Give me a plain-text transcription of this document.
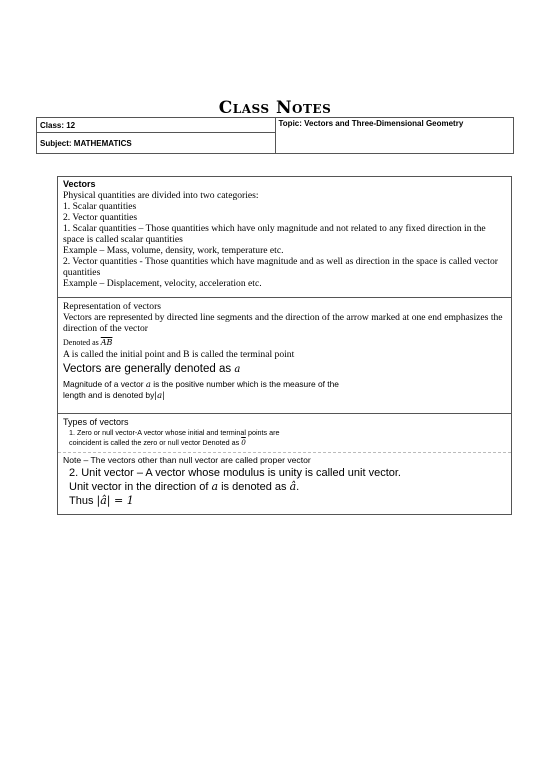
Class Notes
Class: 12	Topic: Vectors and Three-Dimensional Geometry
Subject: MATHEMATICS
Vectors
Physical quantities are divided into two categories:
1. Scalar quantities
2. Vector quantities
1. Scalar quantities – Those quantities which have only magnitude and not related to any fixed direction in the space is called scalar quantities
Example – Mass, volume, density, work, temperature etc.
2. Vector quantities - Those quantities which have magnitude and as well as direction in the space is called vector quantities
Example – Displacement, velocity, acceleration etc.
Representation of vectors
Vectors are represented by directed line segments and the direction of the arrow marked at one end emphasizes the direction of the vector
Denoted as $\overline{AB}$
A is called the initial point and B is called the terminal point
Vectors are generally denoted as a
Magnitude of a vector a is the positive number which is the measure of the
length and is denoted by|a|
Types of vectors
1. Zero or null vector-A vector whose initial and terminal points are
coincident is called the zero or null vector Denoted as 0
Note – The vectors other than null vector are called proper vector
2. Unit vector – A vector whose modulus is unity is called unit vector.
Unit vector in the direction of a is denoted as â.
Thus |â| = 1
